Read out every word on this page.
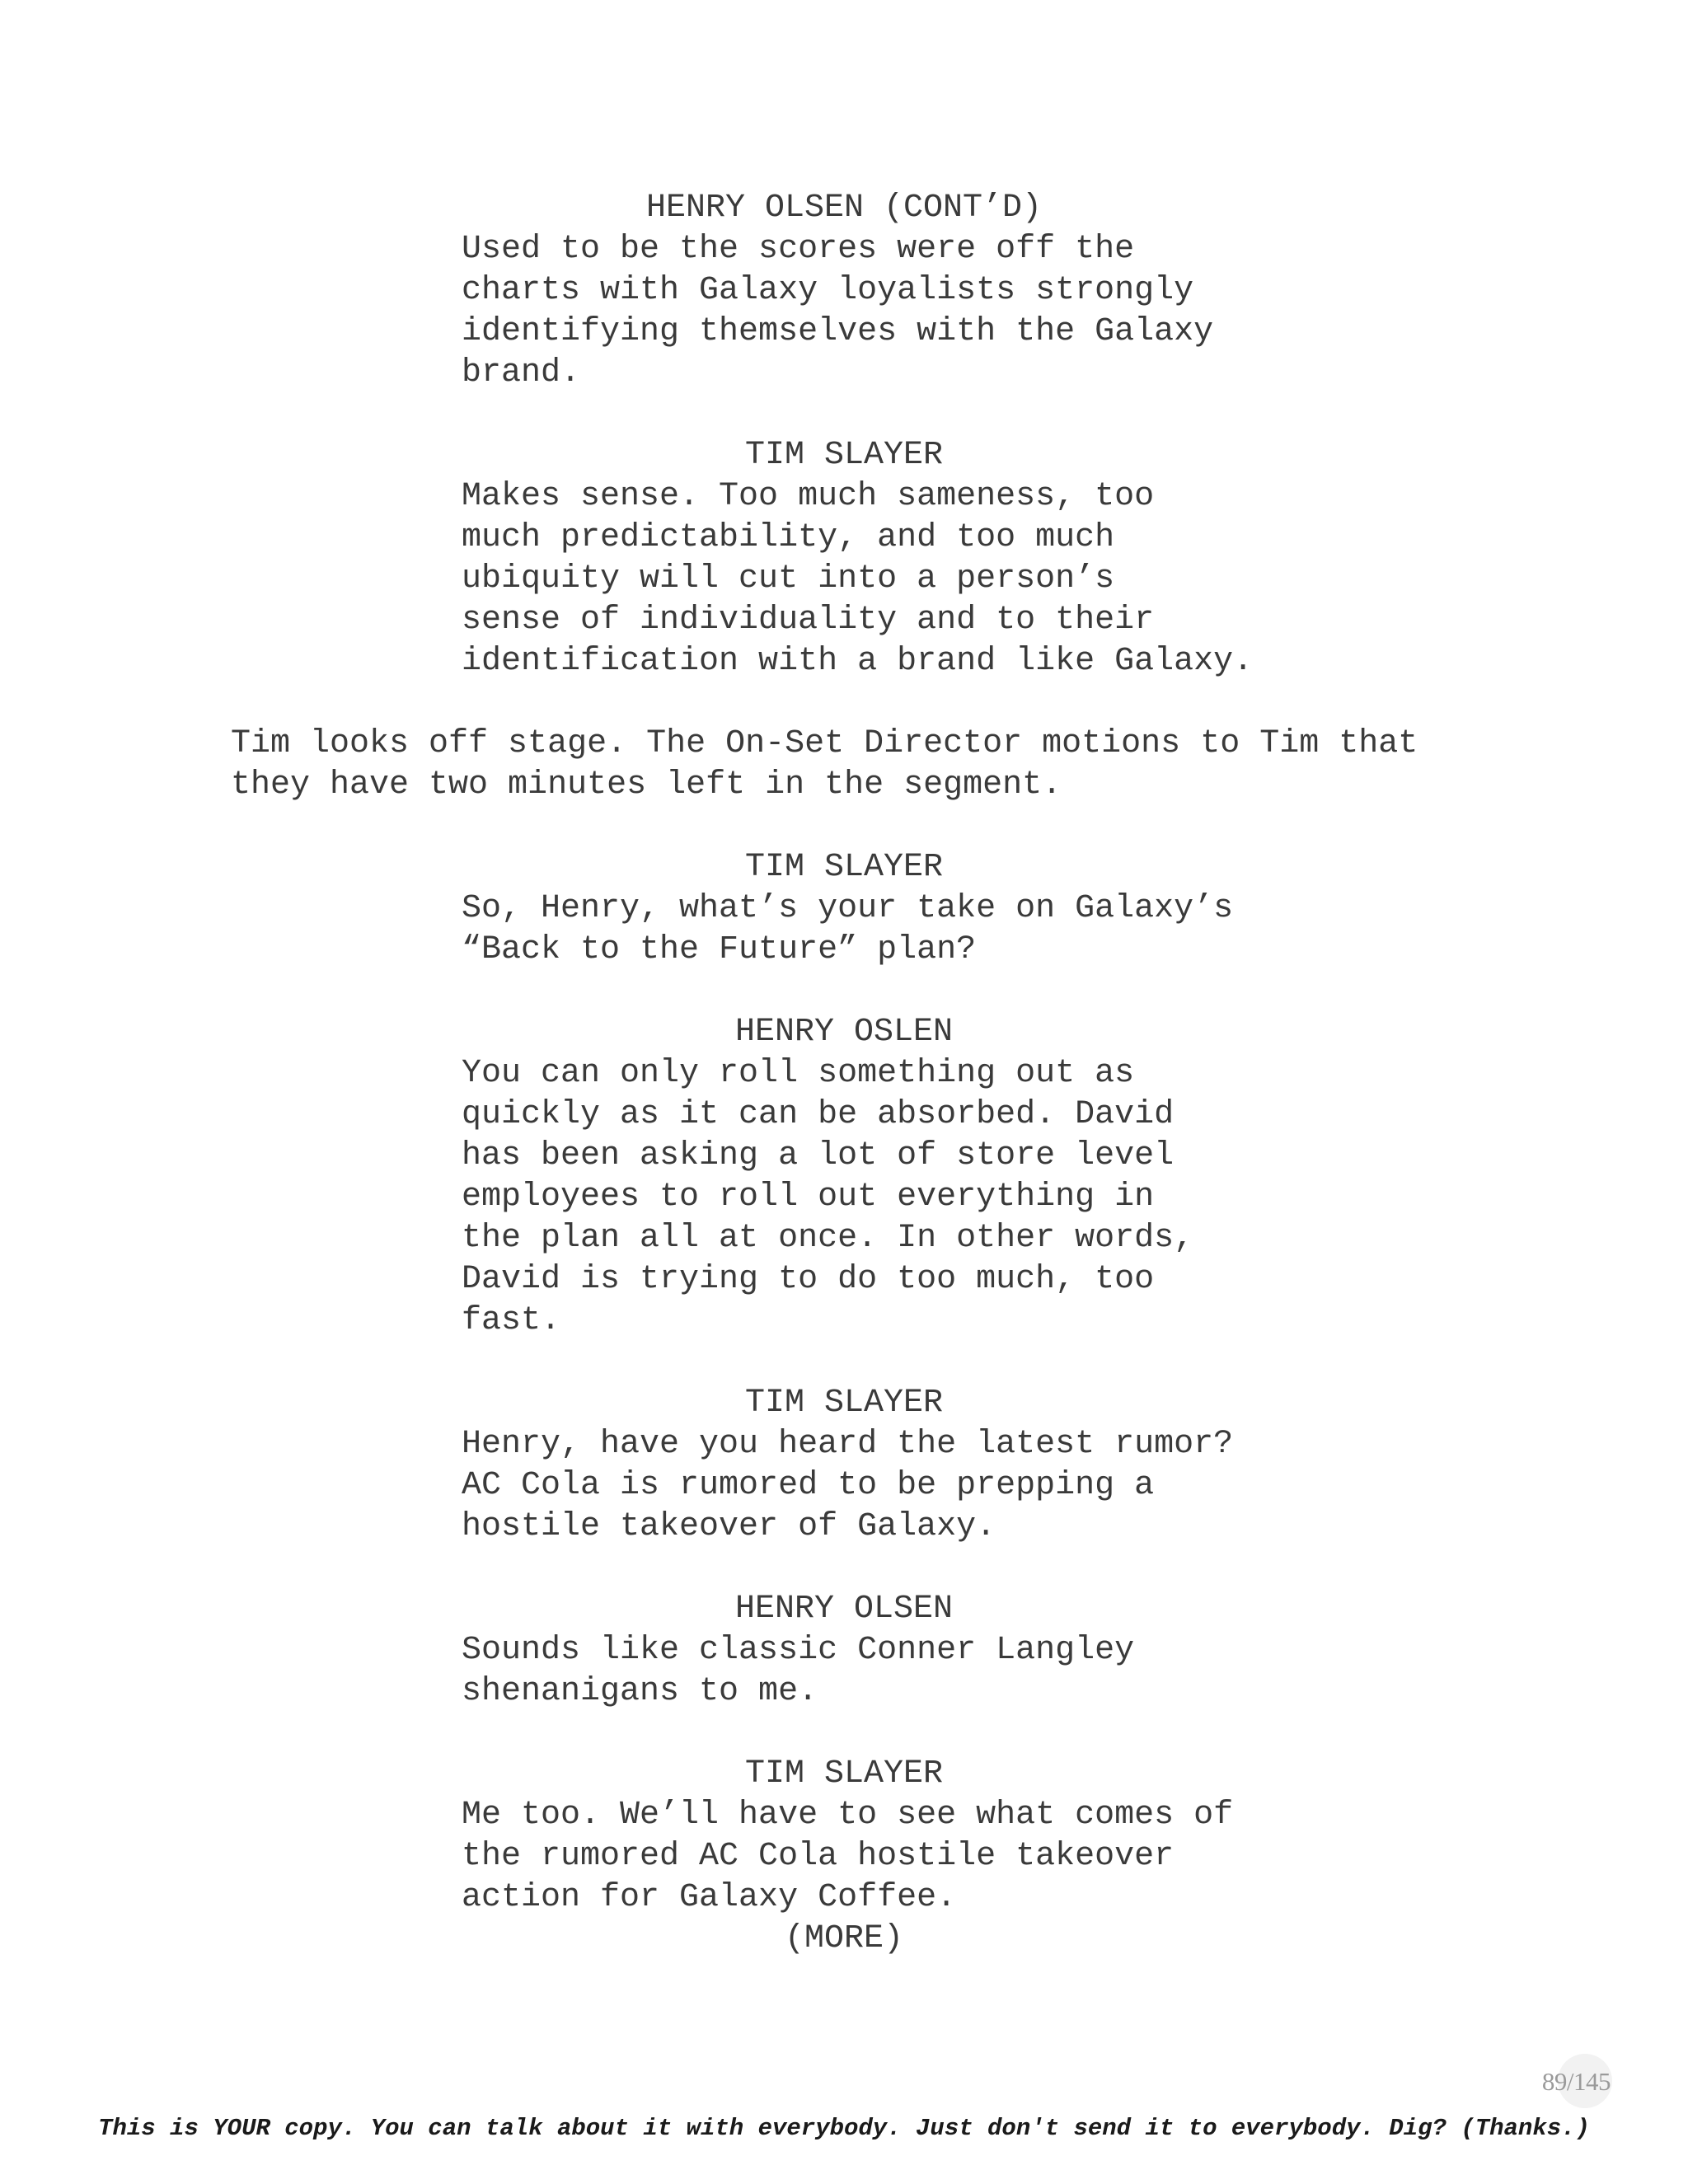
HENRY OLSEN (CONT’D)
Used to be the scores were off the
charts with Galaxy loyalists strongly
identifying themselves with the Galaxy
brand.
TIM SLAYER
Makes sense. Too much sameness, too
much predictability, and too much
ubiquity will cut into a person’s
sense of individuality and to their
identification with a brand like Galaxy.
Tim looks off stage. The On-Set Director motions to Tim that
they have two minutes left in the segment.
TIM SLAYER
So, Henry, what’s your take on Galaxy’s
“Back to the Future” plan?
HENRY OSLEN
You can only roll something out as
quickly as it can be absorbed. David
has been asking a lot of store level
employees to roll out everything in
the plan all at once. In other words,
David is trying to do too much, too
fast.
TIM SLAYER
Henry, have you heard the latest rumor?
AC Cola is rumored to be prepping a
hostile takeover of Galaxy.
HENRY OLSEN
Sounds like classic Conner Langley
shenanigans to me.
TIM SLAYER
Me too. We’ll have to see what comes of
the rumored AC Cola hostile takeover
action for Galaxy Coffee.
(MORE)
89/145
This is YOUR copy. You can talk about it with everybody. Just don't send it to everybody. Dig? (Thanks.)
